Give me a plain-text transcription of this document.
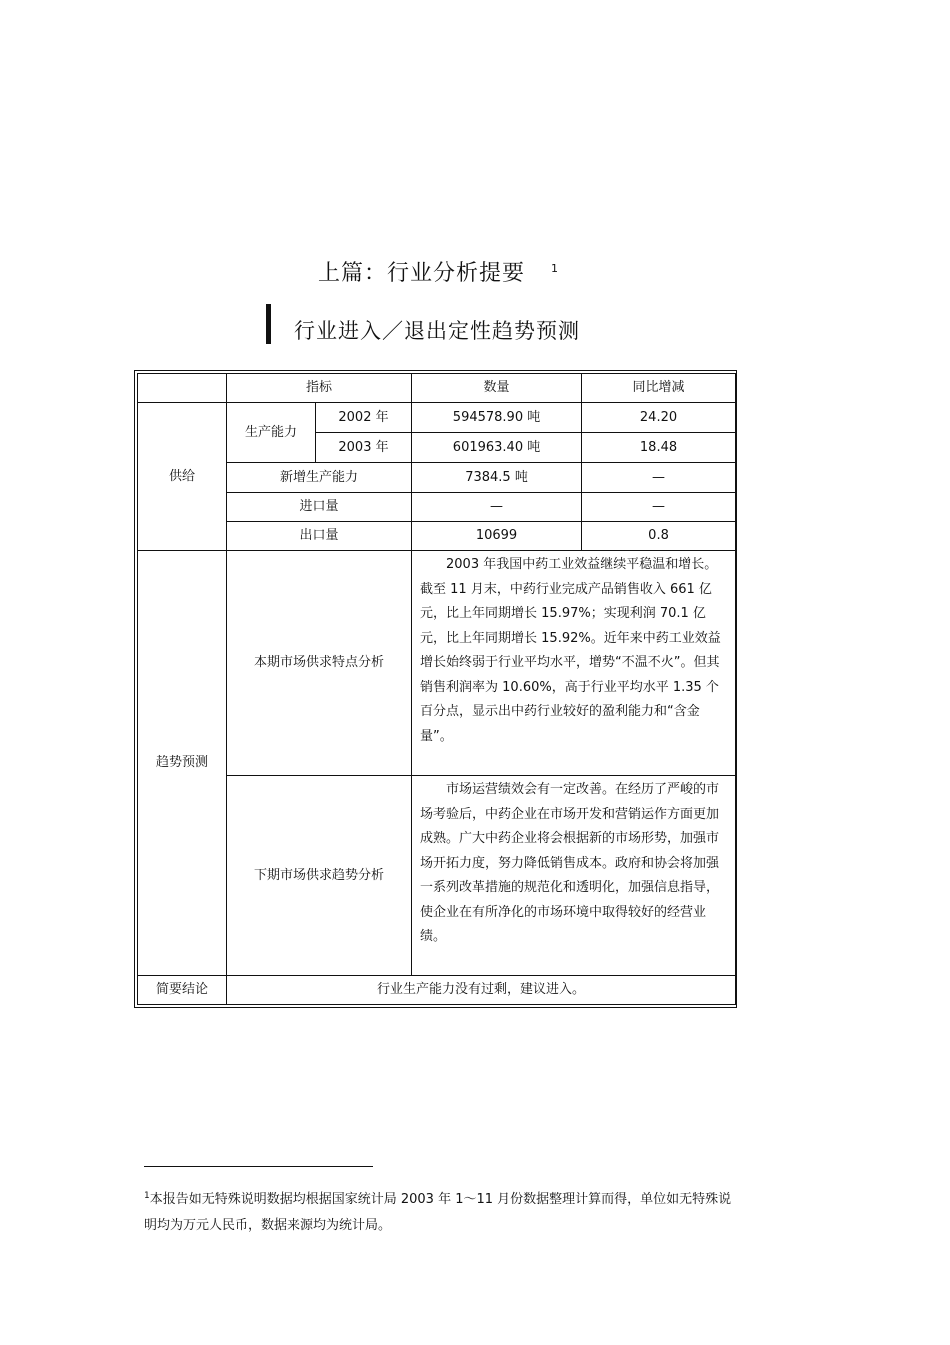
上篇：行业分析提要 $^1$
行业进入／退出定性趋势预测
	指标		数量	同比增减
供给	生产能力	2002 年	594578.90 吨	24.20
		2003 年	601963.40 吨	18.48
	新增生产能力		7384.5 吨	—
	进口量		—	—
	出口量		10699	0.8
趋势预测	本期市场供求特点分析		2003 年我国中药工业效益继续平稳温和增长。截至 11 月末，中药行业完成产品销售收入 661 亿元，比上年同期增长 15.97%；实现利润 70.1 亿元，比上年同期增长 15.92%。近年来中药工业效益增长始终弱于行业平均水平，增势“不温不火”。但其销售利润率为 10.60%，高于行业平均水平 1.35 个百分点，显示出中药行业较好的盈利能力和“含金量”。	
	下期市场供求趋势分析		市场运营绩效会有一定改善。在经历了严峻的市场考验后，中药企业在市场开发和营销运作方面更加成熟。广大中药企业将会根据新的市场形势，加强市场开拓力度，努力降低销售成本。政府和协会将加强一系列改革措施的规范化和透明化，加强信息指导，使企业在有所净化的市场环境中取得较好的经营业绩。	
简要结论	行业生产能力没有过剩，建议进入。			
$^1$本报告如无特殊说明数据均根据国家统计局 2003 年 1～11 月份数据整理计算而得，单位如无特殊说明均为万元人民币，数据来源均为统计局。
